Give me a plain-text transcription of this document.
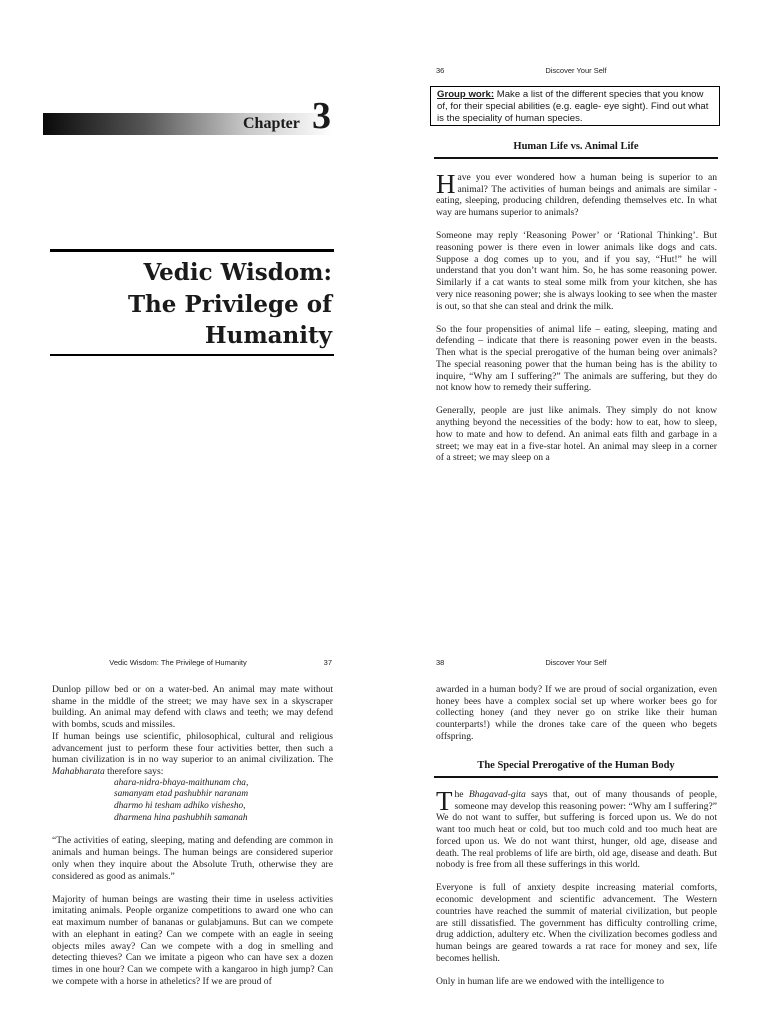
Chapter 3
Vedic Wisdom:
The Privilege of
Humanity
36	Discover Your Self
Group work: Make a list of the different species that you know of, for their special abilities (e.g. eagle- eye sight). Find out what is the speciality of human species.
Human Life vs. Animal Life

Have you ever wondered how a human being is superior to an animal? The activities of human beings and animals are similar - eating, sleeping, producing children, defending themselves etc. In what way are humans superior to animals?

Someone may reply ‘Reasoning Power’ or ‘Rational Thinking’. But reasoning power is there even in lower animals like dogs and cats. Suppose a dog comes up to you, and if you say, “Hut!” he will understand that you don’t want him. So, he has some reasoning power. Similarly if a cat wants to steal some milk from your kitchen, she has very nice reasoning power; she is always looking to see when the master is out, so that she can steal and drink the milk.

So the four propensities of animal life – eating, sleeping, mating and defending – indicate that there is reasoning power even in the beasts. Then what is the special prerogative of the human being over animals? The special reasoning power that the human being has is the ability to inquire, “Why am I suffering?” The animals are suffering, but they do not know how to remedy their suffering.

Generally, people are just like animals. They simply do not know anything beyond the necessities of the body: how to eat, how to sleep, how to mate and how to defend. An animal eats filth and garbage in a street; we may eat in a five-star hotel. An animal may sleep in a corner of a street; we may sleep on a

Vedic Wisdom: The Privilege of Humanity	37

Dunlop pillow bed or on a water-bed. An animal may mate without shame in the middle of the street; we may have sex in a skyscraper building. An animal may defend with claws and teeth; we may defend with bombs, scuds and missiles.

If human beings use scientific, philosophical, cultural and religious advancement just to perform these four activities better, then such a human civilization is in no way superior to an animal civilization. The Mahabharata therefore says:

ahara-nidra-bhaya-maithunam cha,
samanyam etad pashubhir naranam
dharmo hi tesham adhiko vishesho,
dharmena hina pashubhih samanah

“The activities of eating, sleeping, mating and defending are common in animals and human beings. The human beings are considered superior only when they inquire about the Absolute Truth, otherwise they are considered as good as animals.”

Majority of human beings are wasting their time in useless activities imitating animals. People organize competitions to award one who can eat maximum number of bananas or gulabjamuns. But can we compete with an elephant in eating? Can we compete with an eagle in seeing objects miles away? Can we compete with a dog in smelling and detecting thieves? Can we imitate a pigeon who can have sex a dozen times in one hour? Can we compete with a kangaroo in high jump? Can we compete with a horse in atheletics? If we are proud of

38	Discover Your Self

awarded in a human body? If we are proud of social organization, even honey bees have a complex social set up where worker bees go for collecting honey (and they never go on strike like their human counterparts!) while the drones take care of the queen who begets offspring.

The Special Prerogative of the Human Body

The Bhagavad-gita says that, out of many thousands of people, someone may develop this reasoning power: “Why am I suffering?” We do not want to suffer, but suffering is forced upon us. We do not want too much heat or cold, but too much cold and too much heat are forced upon us. We do not want thirst, hunger, old age, disease and death. The real problems of life are birth, old age, disease and death. But nobody is free from all these sufferings in this world.

Everyone is full of anxiety despite increasing material comforts, economic development and scientific advancement. The Western countries have reached the summit of material civilization, but people are still dissatisfied. The government has difficulty controlling crime, drug addiction, adultery etc. When the civilization becomes godless and human beings are geared towards a rat race for money and sex, life becomes hellish.

Only in human life are we endowed with the intelligence to
